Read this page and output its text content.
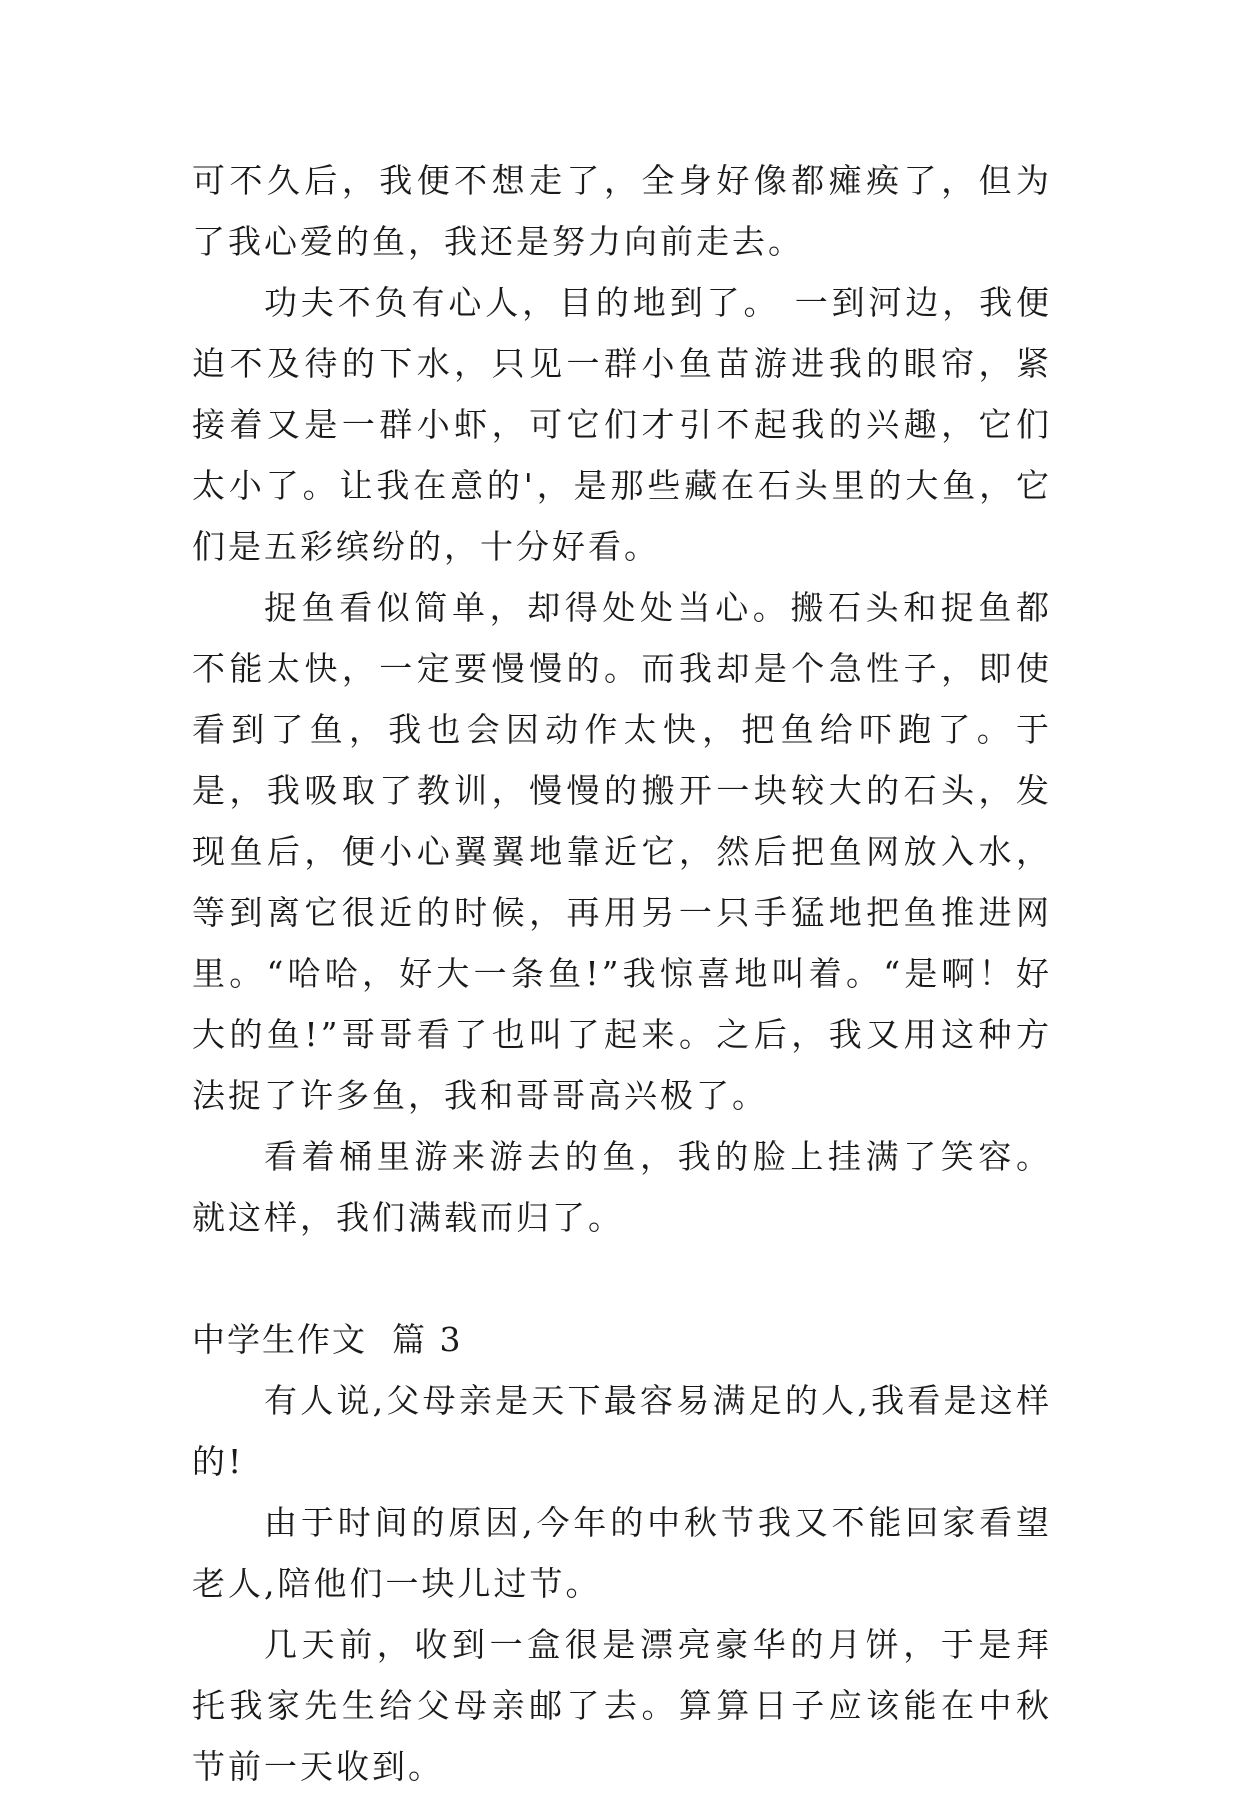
可不久后，我便不想走了，全身好像都瘫痪了，但为了我心爱的鱼，我还是努力向前走去。

功夫不负有心人，目的地到了。 一到河边，我便迫不及待的下水，只见一群小鱼苗游进我的眼帘，紧接着又是一群小虾，可它们才引不起我的兴趣，它们太小了。让我在意的'，是那些藏在石头里的大鱼，它们是五彩缤纷的，十分好看。

捉鱼看似简单，却得处处当心。搬石头和捉鱼都不能太快，一定要慢慢的。而我却是个急性子，即使看到了鱼，我也会因动作太快，把鱼给吓跑了。于是，我吸取了教训，慢慢的搬开一块较大的石头，发现鱼后，便小心翼翼地靠近它，然后把鱼网放入水，等到离它很近的时候，再用另一只手猛地把鱼推进网里。“哈哈，好大一条鱼!”我惊喜地叫着。“是啊！好大的鱼!”哥哥看了也叫了起来。之后，我又用这种方法捉了许多鱼，我和哥哥高兴极了。

看着桶里游来游去的鱼，我的脸上挂满了笑容。就这样，我们满载而归了。

中学生作文  篇 3

有人说,父母亲是天下最容易满足的人,我看是这样的!

由于时间的原因,今年的中秋节我又不能回家看望老人,陪他们一块儿过节。

几天前，收到一盒很是漂亮豪华的月饼，于是拜托我家先生给父母亲邮了去。算算日子应该能在中秋节前一天收到。
